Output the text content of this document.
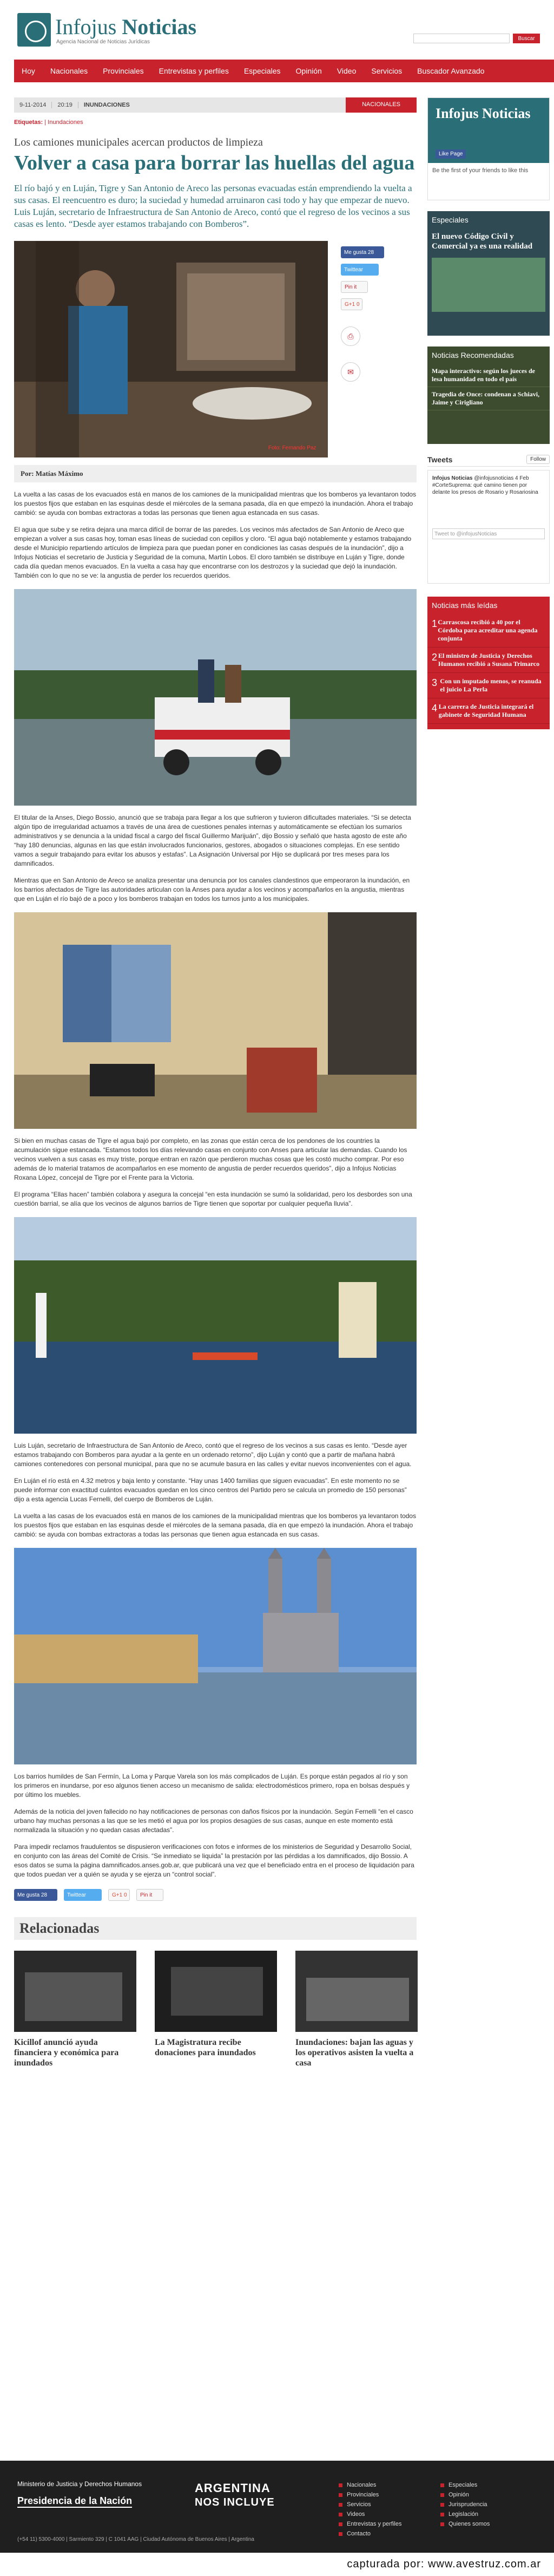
Infojus Noticias
Agencia Nacional de Noticias Jurídicas
Buscar
Hoy	Nacionales	Provinciales	Entrevistas y perfiles	Especiales	Opinión	Video	Servicios	Buscador Avanzado
9-11-2014	20:19	INUNDACIONES	NACIONALES
Etiquetas: | Inundaciones
Los camiones municipales acercan productos de limpieza
Volver a casa para borrar las huellas del agua

El río bajó y en Luján, Tigre y San Antonio de Areco las personas evacuadas están emprendiendo la vuelta a sus casas. El reencuentro es duro; la suciedad y humedad arruinaron casi todo y hay que empezar de nuevo. Luis Luján, secretario de Infraestructura de San Antonio de Areco, contó que el regreso de los vecinos a sus casas es lento. “Desde ayer estamos trabajando con Bomberos”.

Foto: Fernando Paz
Me gusta
28
Twittear
Pin it
G+1
0
⎙
✉
Por: Matías Máximo

La vuelta a las casas de los evacuados está en manos de los camiones de la municipalidad mientras que los bomberos ya levantaron todos los puestos fijos que estaban en las esquinas desde el miércoles de la semana pasada, día en que empezó la inundación. Ahora el trabajo cambió: se ayuda con bombas extractoras a todas las personas que tienen agua estancada en sus casas.

El agua que sube y se retira dejara una marca difícil de borrar de las paredes. Los vecinos más afectados de San Antonio de Areco que empiezan a volver a sus casas hoy, toman esas líneas de suciedad con cepillos y cloro. “El agua bajó notablemente y estamos trabajando desde el Municipio repartiendo artículos de limpieza para que puedan poner en condiciones las casas después de la inundación”, dijo a Infojus Noticias el secretario de Justicia y Seguridad de la comuna, Martín Lobos. El cloro también se distribuye en Luján y Tigre, donde cada día quedan menos evacuados. En la vuelta a casa hay que encontrarse con los destrozos y la suciedad que dejó la inundación. También con lo que no se ve: la angustia de perder los recuerdos queridos.

El titular de la Anses, Diego Bossio, anunció que se trabaja para llegar a los que sufrieron y tuvieron dificultades materiales. “Si se detecta algún tipo de irregularidad actuamos a través de una área de cuestiones penales internas y automáticamente se efectúan los sumarios administrativos y se denuncia a la unidad fiscal a cargo del fiscal Guillermo Marijuán”, dijo Bossio y señaló que hasta agosto de este año “hay 180 denuncias, algunas en las que están involucrados funcionarios, gestores, abogados o situaciones complejas. En ese sentido vamos a seguir trabajando para evitar los abusos y estafas”. La Asignación Universal por Hijo se duplicará por tres meses para los damnificados.

Mientras que en San Antonio de Areco se analiza presentar una denuncia por los canales clandestinos que empeoraron la inundación, en los barrios afectados de Tigre las autoridades articulan con la Anses para ayudar a los vecinos y acompañarlos en la angustia, mientras que en Luján el río bajó de a poco y los bomberos trabajan en todos los turnos junto a los municipales.

Si bien en muchas casas de Tigre el agua bajó por completo, en las zonas que están cerca de los pendones de los countries la acumulación sigue estancada. “Estamos todos los días relevando casas en conjunto con Anses para articular las demandas. Cuando los vecinos vuelven a sus casas es muy triste, porque entran en razón que perdieron muchas cosas que les costó mucho comprar. Por eso además de lo material tratamos de acompañarlos en ese momento de angustia de perder recuerdos queridos”, dijo a Infojus Noticias Roxana López, concejal de Tigre por el Frente para la Victoria.

El programa “Ellas hacen” también colabora y asegura la concejal “en esta inundación se sumó la solidaridad, pero los desbordes son una cuestión barrial, se alía que los vecinos de algunos barrios de Tigre tienen que soportar por cualquier pequeña lluvia”.

Luis Luján, secretario de Infraestructura de San Antonio de Areco, contó que el regreso de los vecinos a sus casas es lento. “Desde ayer estamos trabajando con Bomberos para ayudar a la gente en un ordenado retorno”, dijo Luján y contó que a partir de mañana habrá camiones contenedores con personal municipal, para que no se acumule basura en las calles y evitar nuevos inconvenientes con el agua.

En Luján el río está en 4.32 metros y baja lento y constante. “Hay unas 1400 familias que siguen evacuadas”. En este momento no se puede informar con exactitud cuántos evacuados quedan en los cinco centros del Partido pero se calcula un promedio de 150 personas” dijo a esta agencia Lucas Fernelli, del cuerpo de Bomberos de Luján.

La vuelta a las casas de los evacuados está en manos de los camiones de la municipalidad mientras que los bomberos ya levantaron todos los puestos fijos que estaban en las esquinas desde el miércoles de la semana pasada, día en que empezó la inundación. Ahora el trabajo cambió: se ayuda con bombas extractoras a todas las personas que tienen agua estancada en sus casas.

Los barrios humildes de San Fermín, La Loma y Parque Varela son los más complicados de Luján. Es porque están pegados al río y son los primeros en inundarse, por eso algunos tienen acceso un mecanismo de salida: electrodomésticos primero, ropa en bolsas después y por último los muebles.

Además de la noticia del joven fallecido no hay notificaciones de personas con daños físicos por la inundación. Según Fernelli “en el casco urbano hay muchas personas a las que se les metió el agua por los propios desagües de sus casas, aunque en este momento está normalizada la situación y no quedan casas afectadas”.

Para impedir reclamos fraudulentos se dispusieron verificaciones con fotos e informes de los ministerios de Seguridad y Desarrollo Social, en conjunto con las áreas del Comité de Crisis. “Se inmediato se liquida” la prestación por las pérdidas a los damnificados, dijo Bossio. A esos datos se suma la página damnificados.anses.gob.ar, que publicará una vez que el beneficiado entra en el proceso de liquidación para que todos puedan ver a quién se ayuda y se ejerza un “control social”.

Me gusta
28	Twittear	G+1
0 Pin it
Relacionadas
Kicillof anunció ayuda financiera y económica para inundados
La Magistratura recibe donaciones para inundados
Inundaciones: bajan las aguas y los operativos asisten la vuelta a casa
Infojus Noticias
Like Page
Be the first of your friends to like this
Especiales
El nuevo Código Civil y Comercial ya es una realidad
Noticias Recomendadas
Mapa interactivo: según los jueces de lesa humanidad en todo el país
Tragedia de Once: condenan a Schiavi, Jaime y Cirigliano
Tweets	Follow
Infojus Noticias @infojusnoticias 4 Feb
#CorteSuprema: qué camino tienen por delante los presos de Rosario y Rosariosina
Tweet to @infojusNoticias
Noticias más leídas
1 Carrascosa recibió a 40 por el Córdoba para acreditar una agenda conjunta
2 El ministro de Justicia y Derechos Humanos recibió a Susana Trimarco
3 Con un imputado menos, se reanuda el juicio La Perla
4 La carrera de Justicia integrará el gabinete de Seguridad Humana
Ministerio de Justicia y Derechos Humanos
Presidencia de la Nación
ARGENTINA
NOS INCLUYE
Nacionales
Provinciales
Servicios
Videos
Entrevistas y perfiles
Contacto
Especiales
Opinión
Jurisprudencia
Legislación
Quienes somos
(+54 11) 5300-4000 | Sarmiento 329 | C 1041 AAG | Ciudad Autónoma de Buenos Aires | Argentina
capturada por: www.avestruz.com.ar
